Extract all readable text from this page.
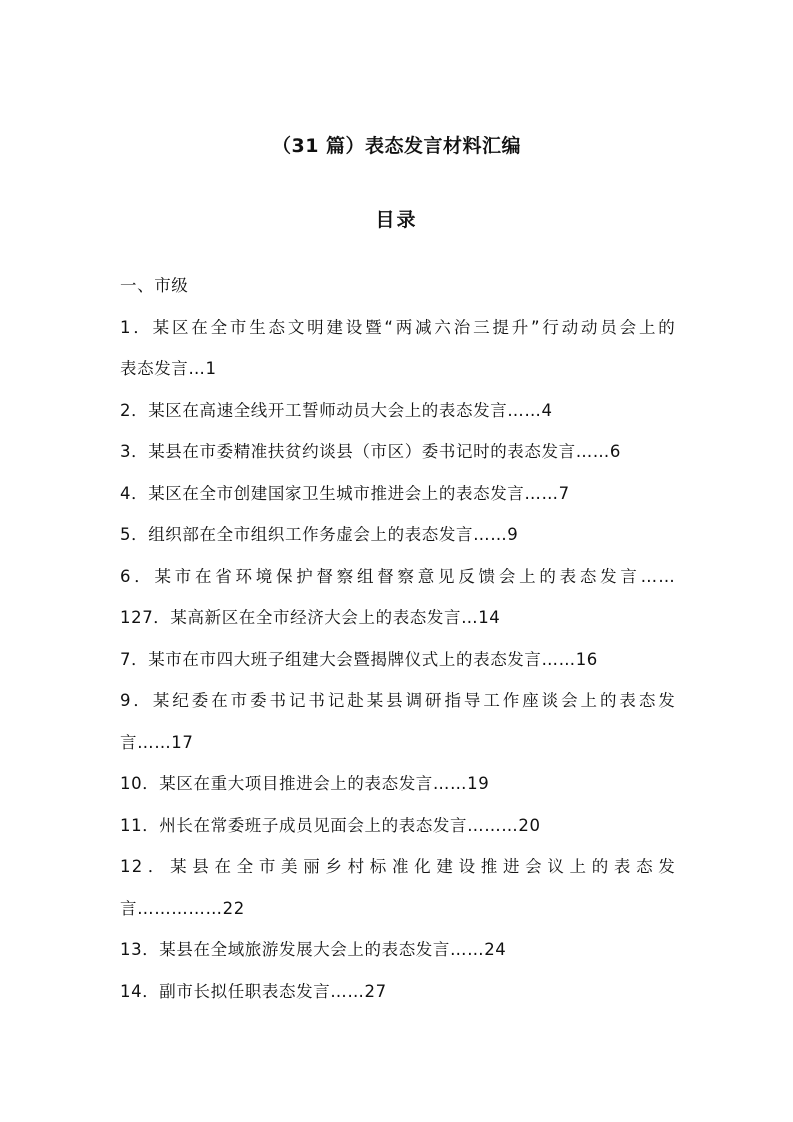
（31 篇）表态发言材料汇编
目录
一、市级
1．某区在全市生态文明建设暨“两减六治三提升”行动动员会上的
表态发言…1
2．某区在高速全线开工誓师动员大会上的表态发言……4
3．某县在市委精准扶贫约谈县（市区）委书记时的表态发言……6
4．某区在全市创建国家卫生城市推进会上的表态发言……7
5．组织部在全市组织工作务虚会上的表态发言……9
6．某市在省环境保护督察组督察意见反馈会上的表态发言……
127．某高新区在全市经济大会上的表态发言…14
7．某市在市四大班子组建大会暨揭牌仪式上的表态发言……16
9．某纪委在市委书记书记赴某县调研指导工作座谈会上的表态发
言……17
10．某区在重大项目推进会上的表态发言……19
11．州长在常委班子成员见面会上的表态发言………20
12．某县在全市美丽乡村标准化建设推进会议上的表态发
言……………22
13．某县在全域旅游发展大会上的表态发言……24
14．副市长拟任职表态发言……27
